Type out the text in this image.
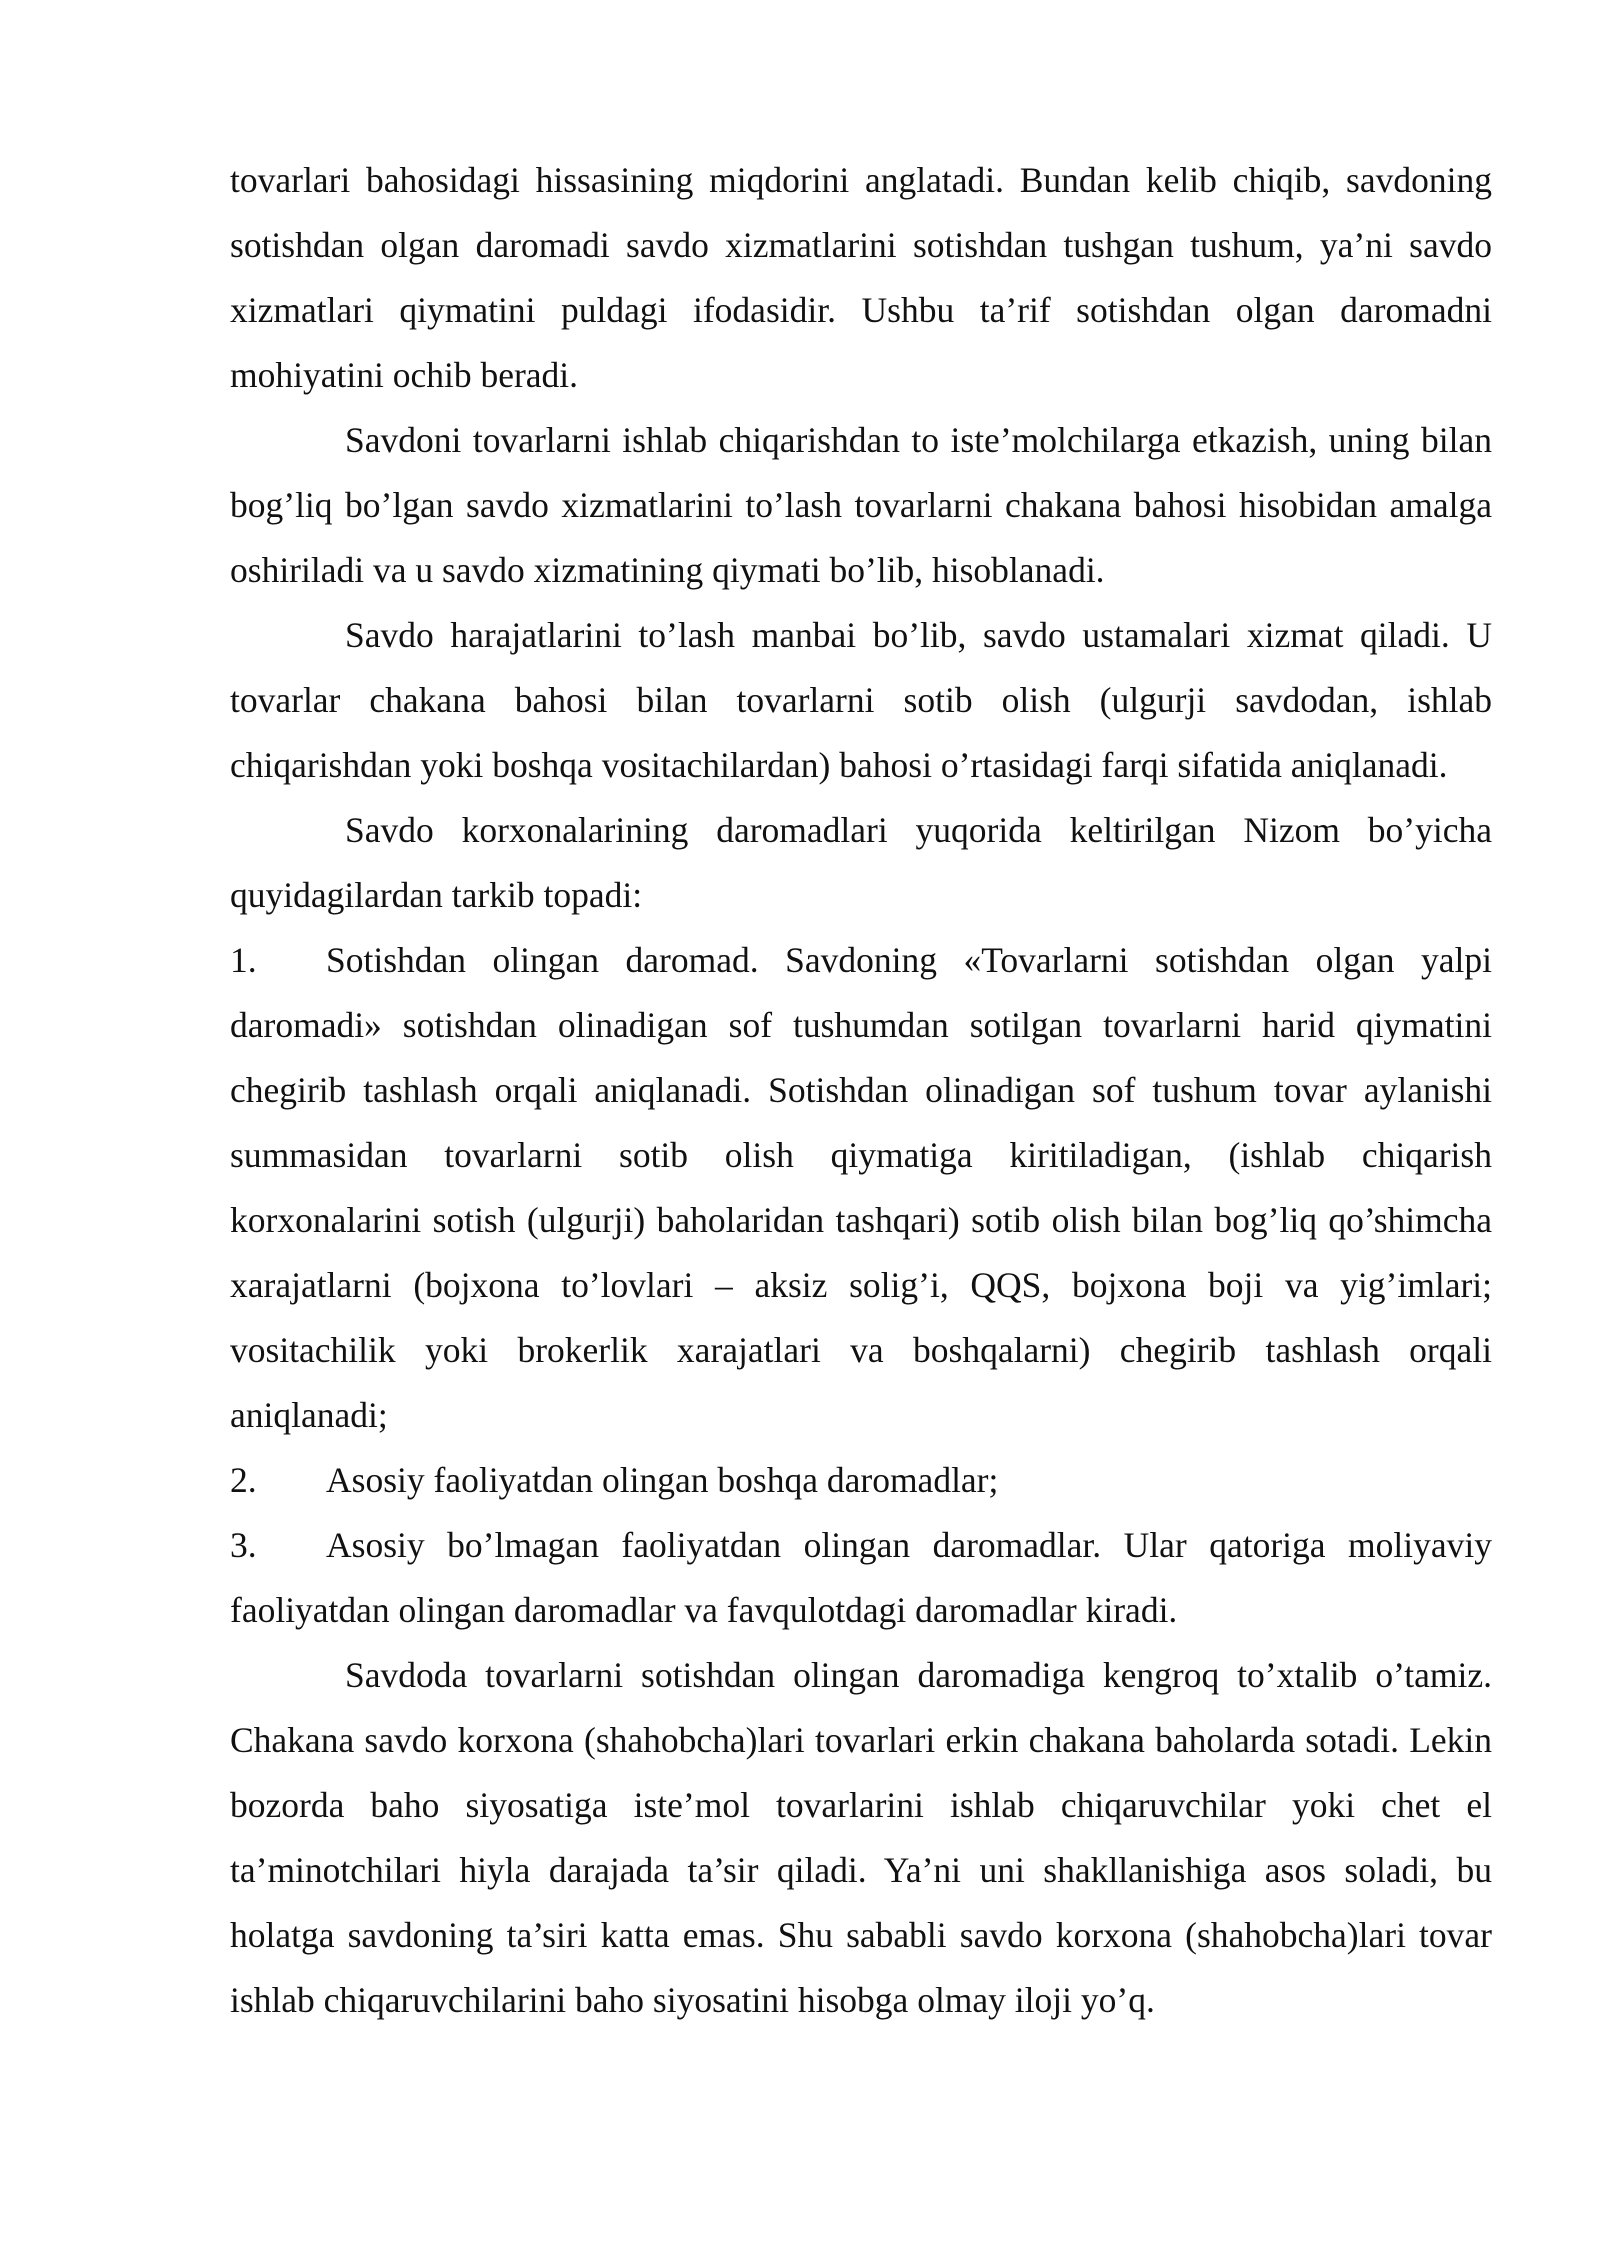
tovarlari bahosidagi hissasining miqdorini anglatadi. Bundan kelib chiqib, savdoning sotishdan olgan daromadi savdo xizmatlarini sotishdan tushgan tushum, ya’ni savdo xizmatlari qiymatini puldagi ifodasidir. Ushbu ta’rif sotishdan olgan daromadni mohiyatini ochib beradi.

Savdoni tovarlarni ishlab chiqarishdan to iste’molchilarga etkazish, uning bilan bog’liq bo’lgan savdo xizmatlarini to’lash tovarlarni chakana bahosi hisobidan amalga oshiriladi va u savdo xizmatining qiymati bo’lib, hisoblanadi.

Savdo harajatlarini to’lash manbai bo’lib, savdo ustamalari xizmat qiladi. U tovarlar chakana bahosi bilan tovarlarni sotib olish (ulgurji savdodan, ishlab chiqarishdan yoki boshqa vositachilardan) bahosi o’rtasidagi farqi sifatida aniqlanadi.

Savdo korxonalarining daromadlari yuqorida keltirilgan Nizom bo’yicha quyidagilardan tarkib topadi:

1. Sotishdan olingan daromad. Savdoning «Tovarlarni sotishdan olgan yalpi daromadi» sotishdan olinadigan sof tushumdan sotilgan tovarlarni harid qiymatini chegirib tashlash orqali aniqlanadi. Sotishdan olinadigan sof tushum tovar aylanishi summasidan tovarlarni sotib olish qiymatiga kiritiladigan, (ishlab chiqarish korxonalarini sotish (ulgurji) baholaridan tashqari) sotib olish bilan bog’liq qo’shimcha xarajatlarni (bojxona to’lovlari – aksiz solig’i, QQS, bojxona boji va yig’imlari; vositachilik yoki brokerlik xarajatlari va boshqalarni) chegirib tashlash orqali aniqlanadi;

2. Asosiy faoliyatdan olingan boshqa daromadlar;

3. Asosiy bo’lmagan faoliyatdan olingan daromadlar. Ular qatoriga moliyaviy faoliyatdan olingan daromadlar va favqulotdagi daromadlar kiradi.

Savdoda tovarlarni sotishdan olingan daromadiga kengroq to’xtalib o’tamiz. Chakana savdo korxona (shahobcha)lari tovarlari erkin chakana baholarda sotadi. Lekin bozorda baho siyosatiga iste’mol tovarlarini ishlab chiqaruvchilar yoki chet el ta’minotchilari hiyla darajada ta’sir qiladi. Ya’ni uni shakllanishiga asos soladi, bu holatga savdoning ta’siri katta emas. Shu sababli savdo korxona (shahobcha)lari tovar ishlab chiqaruvchilarini baho siyosatini hisobga olmay iloji yo’q.
